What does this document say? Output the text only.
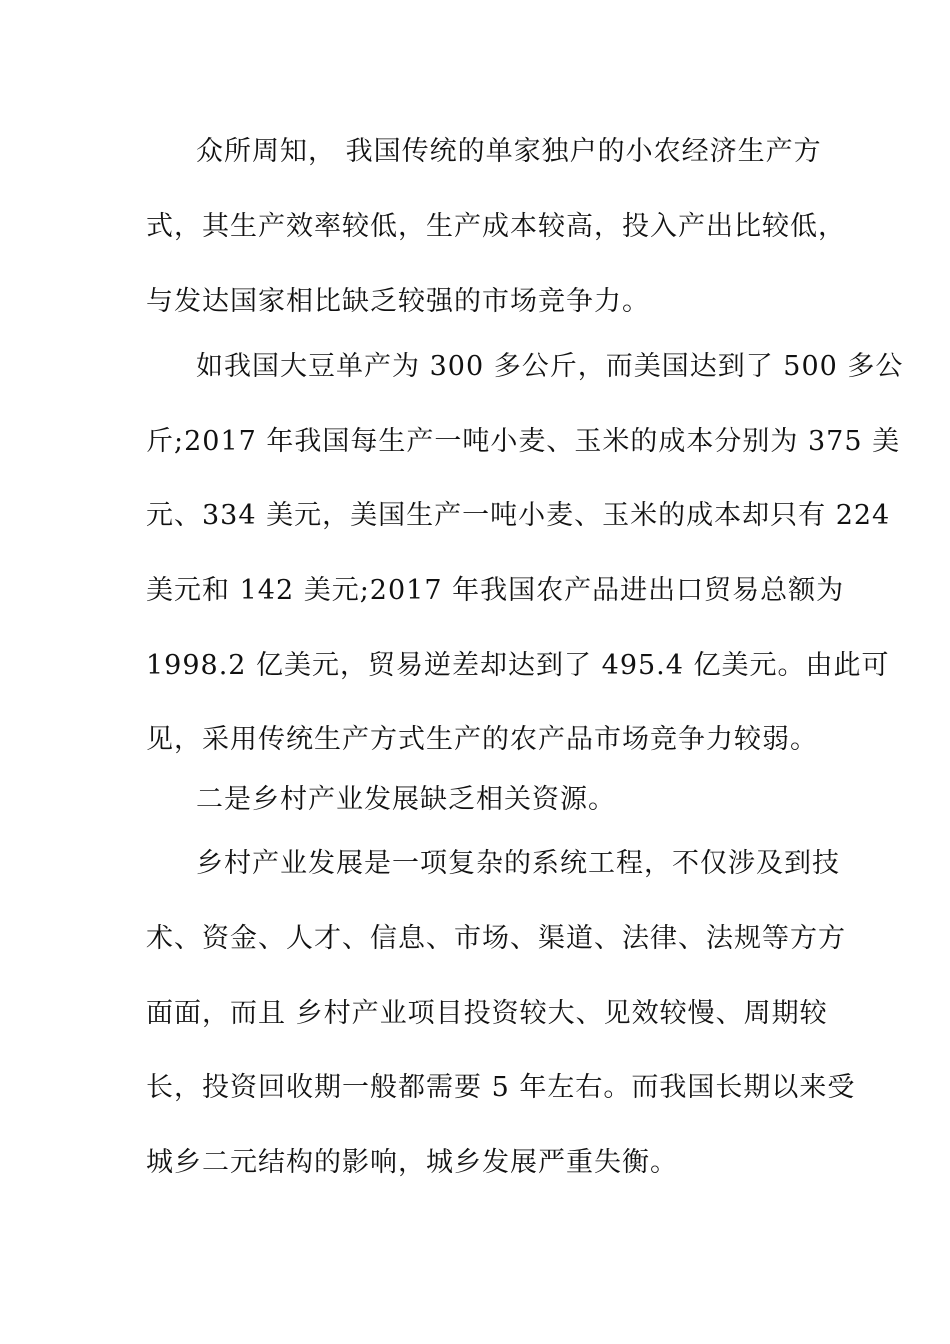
众所周知， 我国传统的单家独户的小农经济生产方
式，其生产效率较低，生产成本较高，投入产出比较低，
与发达国家相比缺乏较强的市场竞争力。
如我国大豆单产为 300 多公斤，而美国达到了 500 多公
斤;2017 年我国每生产一吨小麦、玉米的成本分别为 375 美
元、334 美元，美国生产一吨小麦、玉米的成本却只有 224
美元和 142 美元;2017 年我国农产品进出口贸易总额为
1998.2 亿美元，贸易逆差却达到了 495.4 亿美元。由此可
见，采用传统生产方式生产的农产品市场竞争力较弱。
二是乡村产业发展缺乏相关资源。
乡村产业发展是一项复杂的系统工程，不仅涉及到技
术、资金、人才、信息、市场、渠道、法律、法规等方方
面面，而且 乡村产业项目投资较大、见效较慢、周期较
长，投资回收期一般都需要 5 年左右。而我国长期以来受
城乡二元结构的影响，城乡发展严重失衡。
